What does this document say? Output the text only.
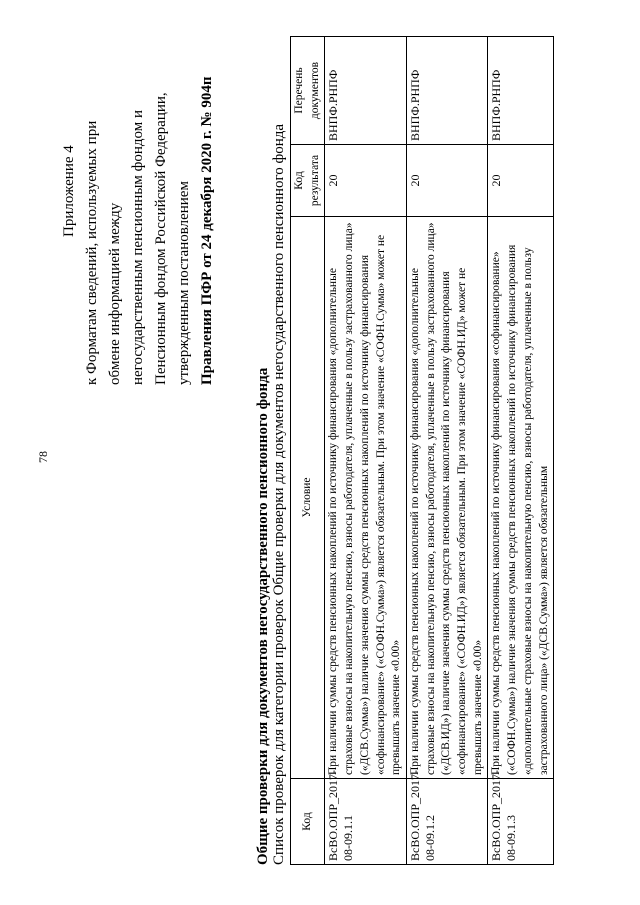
78
Приложение 4 к Форматам сведений, используемых при обмене информацией между негосударственным пенсионным фондом и Пенсионным фондом Российской Федерации, утвержденным постановлением Правления ПФР от 24 декабря 2020 г. № 904п
Общие проверки для документов негосударственного пенсионного фонда Список проверок для категории проверок Общие проверки для документов негосударственного пенсионного фонда Код	Условие	Код результата	Перечень документов
ВсВО.ОПР_2017-08-09.1.1	При наличии суммы средств пенсионных накоплений по источнику финансирования «дополнительные страховые взносы на накопительную пенсию, взносы работодателя, уплаченные в пользу застрахованного лица» («ДСВ.Сумма») наличие значения суммы средств пенсионных накоплений по источнику финансирования «софинансирование» («СОФН.Сумма») является обязательным. При этом значение «СОФН.Сумма» может не превышать значение «0.00»	20	ВНПФ.РНПФ
ВсВО.ОПР_2017-08-09.1.2	При наличии суммы средств пенсионных накоплений по источнику финансирования «дополнительные страховые взносы на накопительную пенсию, взносы работодателя, уплаченные в пользу застрахованного лица» («ДСВ.ИД») наличие значения суммы средств пенсионных накоплений по источнику финансирования «софинансирование» («СОФН.ИД») является обязательным. При этом значение «СОФН.ИД» может не превышать значение «0.00»	20	ВНПФ.РНПФ
ВсВО.ОПР_2017-08-09.1.3	При наличии суммы средств пенсионных накоплений по источнику финансирования «софинансирование» («СОФН.Сумма») наличие значения суммы средств пенсионных накоплений по источнику финансирования «дополнительные страховые взносы на накопительную пенсию, взносы работодателя, уплаченные в пользу застрахованного лица» («ДСВ.Сумма») является обязательным	20	ВНПФ.РНПФ
